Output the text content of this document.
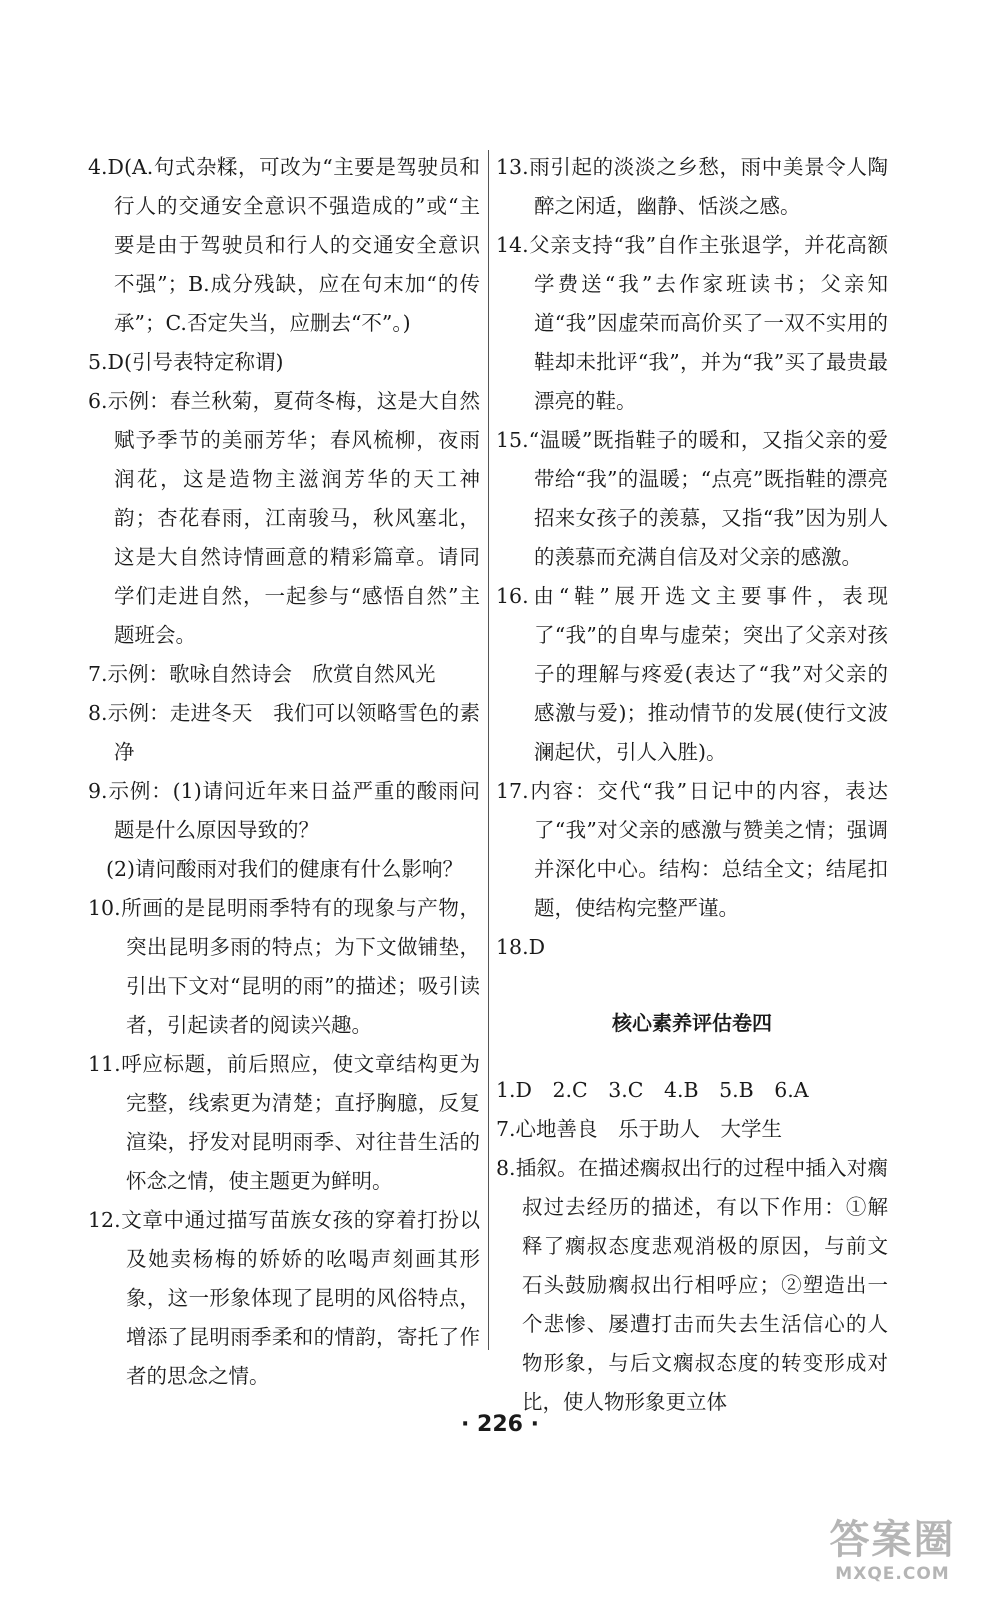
4.D(A.句式杂糅，可改为“主要是驾驶员和行人的交通安全意识不强造成的”或“主要是由于驾驶员和行人的交通安全意识不强”；B.成分残缺，应在句末加“的传承”；C.否定失当，应删去“不”。)
5.D(引号表特定称谓)
6.示例：春兰秋菊，夏荷冬梅，这是大自然赋予季节的美丽芳华；春风梳柳，夜雨润花，这是造物主滋润芳华的天工神韵；杏花春雨，江南骏马，秋风塞北，这是大自然诗情画意的精彩篇章。请同学们走进自然，一起参与“感悟自然”主题班会。
7.示例：歌咏自然诗会　欣赏自然风光
8.示例：走进冬天　我们可以领略雪色的素净
9.示例：(1)请问近年来日益严重的酸雨问题是什么原因导致的？
(2)请问酸雨对我们的健康有什么影响？
10.所画的是昆明雨季特有的现象与产物，突出昆明多雨的特点；为下文做铺垫，引出下文对“昆明的雨”的描述；吸引读者，引起读者的阅读兴趣。
11.呼应标题，前后照应，使文章结构更为完整，线索更为清楚；直抒胸臆，反复渲染，抒发对昆明雨季、对往昔生活的怀念之情，使主题更为鲜明。
12.文章中通过描写苗族女孩的穿着打扮以及她卖杨梅的娇娇的吆喝声刻画其形象，这一形象体现了昆明的风俗特点，增添了昆明雨季柔和的情韵，寄托了作者的思念之情。
13.雨引起的淡淡之乡愁，雨中美景令人陶醉之闲适，幽静、恬淡之感。
14.父亲支持“我”自作主张退学，并花高额学费送“我”去作家班读书；父亲知道“我”因虚荣而高价买了一双不实用的鞋却未批评“我”，并为“我”买了最贵最漂亮的鞋。
15.“温暖”既指鞋子的暖和，又指父亲的爱带给“我”的温暖；“点亮”既指鞋的漂亮招来女孩子的羡慕，又指“我”因为别人的羡慕而充满自信及对父亲的感激。
16.由“鞋”展开选文主要事件，表现了“我”的自卑与虚荣；突出了父亲对孩子的理解与疼爱(表达了“我”对父亲的感激与爱)；推动情节的发展(使行文波澜起伏，引人入胜)。
17.内容：交代“我”日记中的内容，表达了“我”对父亲的感激与赞美之情；强调并深化中心。结构：总结全文；结尾扣题，使结构完整严谨。
18.D
核心素养评估卷四
1.D　2.C　3.C　4.B　5.B　6.A
7.心地善良　乐于助人　大学生
8.插叙。在描述瘸叔出行的过程中插入对瘸叔过去经历的描述，有以下作用：①解释了瘸叔态度悲观消极的原因，与前文石头鼓励瘸叔出行相呼应；②塑造出一个悲惨、屡遭打击而失去生活信心的人物形象，与后文瘸叔态度的转变形成对比，使人物形象更立体
· 226 ·
答案圈
MXQE.COM
